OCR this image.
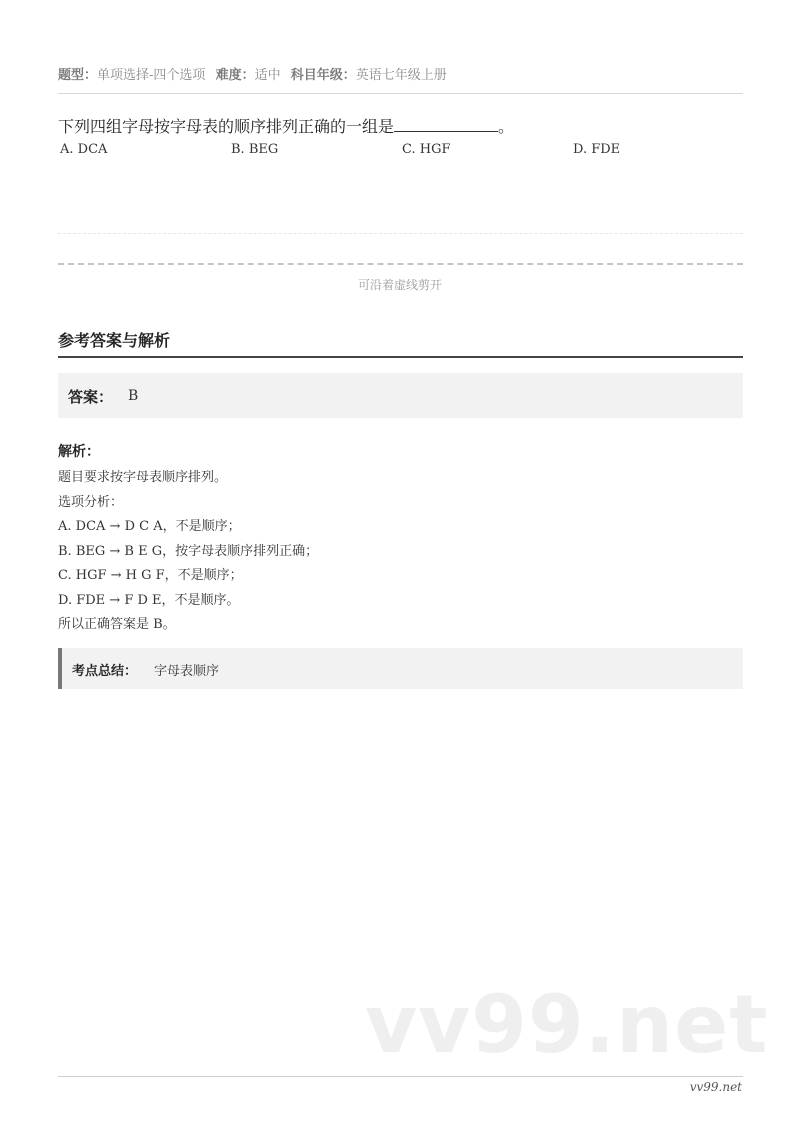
题型：单项选择-四个选项 难度：适中 科目年级：英语七年级上册
下列四组字母按字母表的顺序排列正确的一组是	。
A. DCA	B. BEG	C. HGF	D. FDE
可沿着虚线剪开
参考答案与解析
答案： B
解析：
题目要求按字母表顺序排列。
选项分析：
A. DCA → D C A，不是顺序；
B. BEG → B E G，按字母表顺序排列正确；
C. HGF → H G F，不是顺序；
D. FDE → F D E，不是顺序。
所以正确答案是 B。
考点总结： 字母表顺序
vv99.net
vv99.net
